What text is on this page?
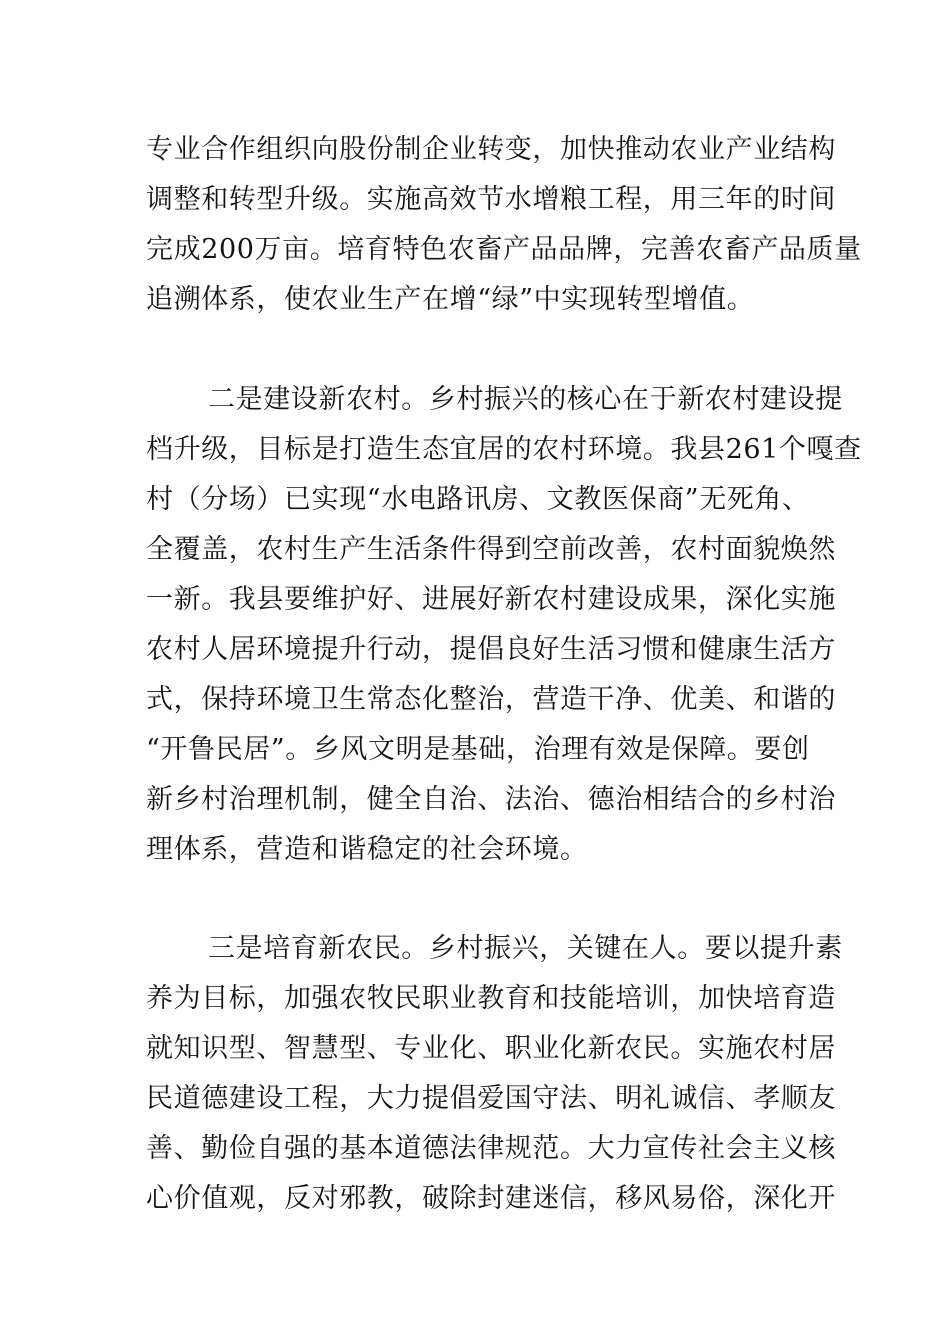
专业合作组织向股份制企业转变，加快推动农业产业结构
调整和转型升级。实施高效节水增粮工程，用三年的时间
完成200万亩。培育特色农畜产品品牌，完善农畜产品质量
追溯体系，使农业生产在增“绿”中实现转型增值。
二是建设新农村。乡村振兴的核心在于新农村建设提
档升级，目标是打造生态宜居的农村环境。我县261个嘎查
村（分场）已实现“水电路讯房、文教医保商”无死角、
全覆盖，农村生产生活条件得到空前改善，农村面貌焕然
一新。我县要维护好、进展好新农村建设成果，深化实施
农村人居环境提升行动，提倡良好生活习惯和健康生活方
式，保持环境卫生常态化整治，营造干净、优美、和谐的
“开鲁民居”。乡风文明是基础，治理有效是保障。要创
新乡村治理机制，健全自治、法治、德治相结合的乡村治
理体系，营造和谐稳定的社会环境。
三是培育新农民。乡村振兴，关键在人。要以提升素
养为目标，加强农牧民职业教育和技能培训，加快培育造
就知识型、智慧型、专业化、职业化新农民。实施农村居
民道德建设工程，大力提倡爱国守法、明礼诚信、孝顺友
善、勤俭自强的基本道德法律规范。大力宣传社会主义核
心价值观，反对邪教，破除封建迷信，移风易俗，深化开
